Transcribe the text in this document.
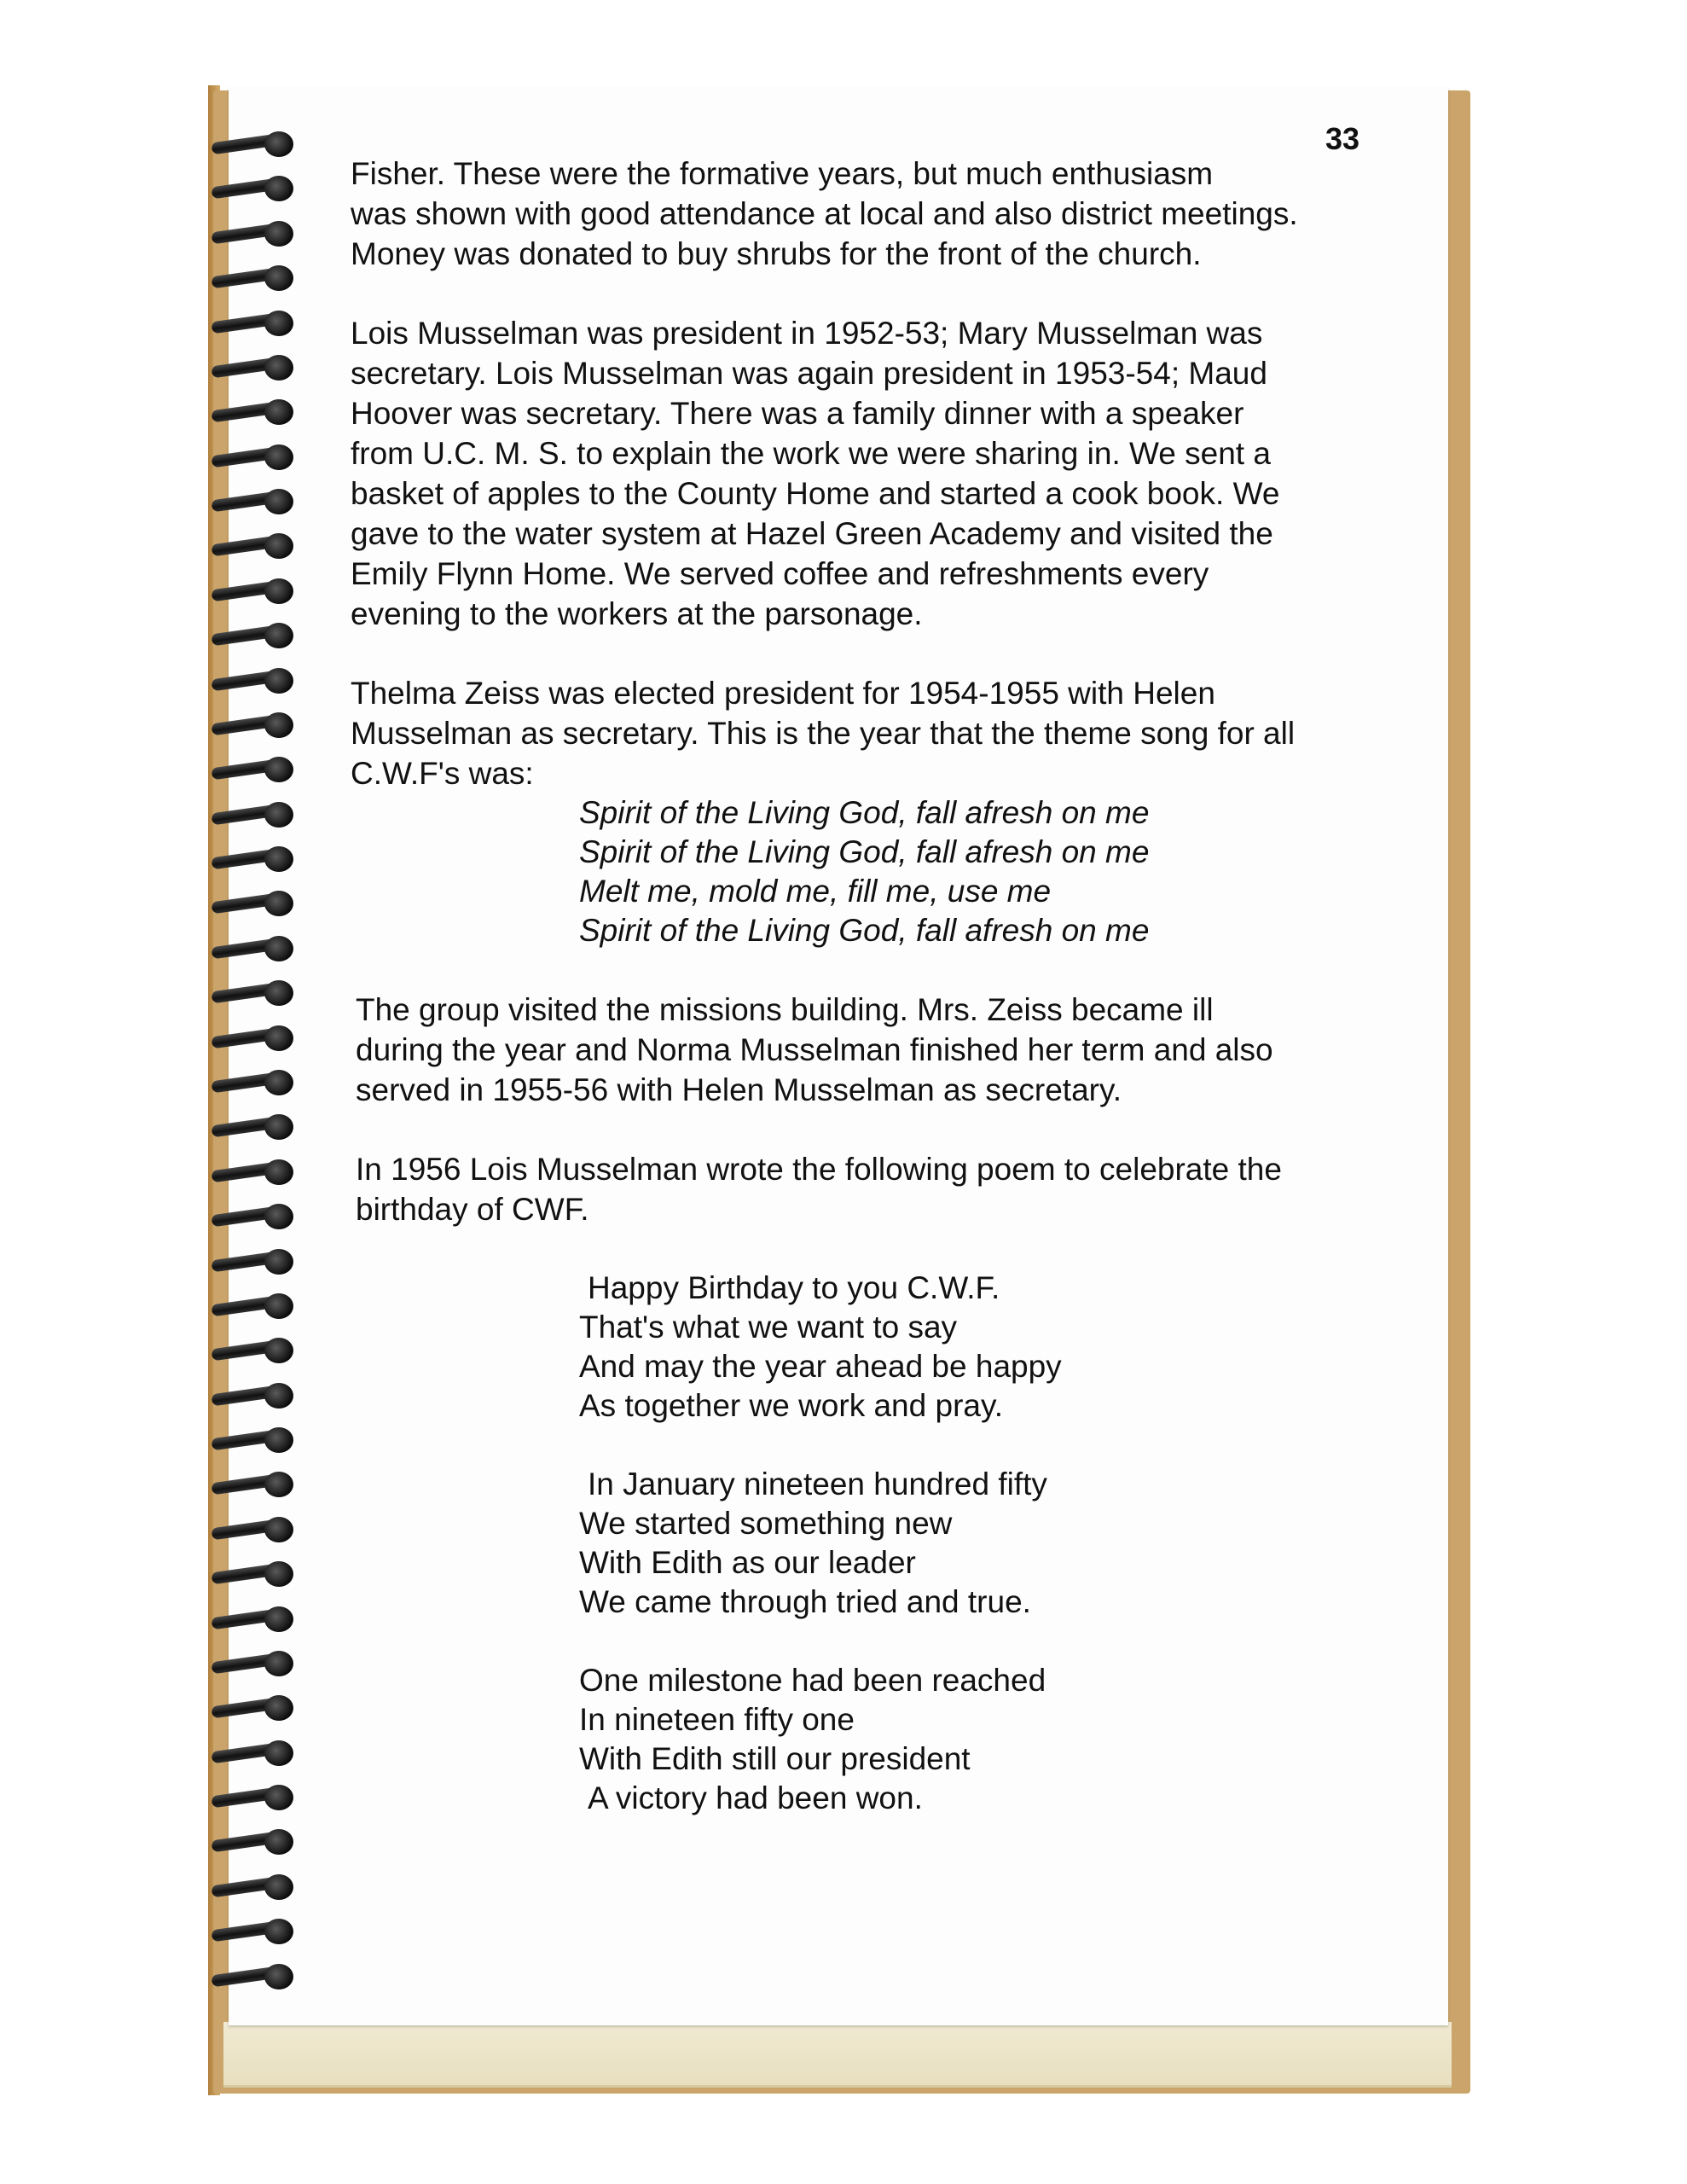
33
Fisher. These were the formative years, but much enthusiasm
was shown with good attendance at local and also district meetings.
Money was donated to buy shrubs for the front of the church.
Lois Musselman was president in 1952-53; Mary Musselman was
secretary. Lois Musselman was again president in 1953-54; Maud
Hoover was secretary. There was a family dinner with a speaker
from U.C. M. S. to explain the work we were sharing in. We sent a
basket of apples to the County Home and started a cook book. We
gave to the water system at Hazel Green Academy and visited the
Emily Flynn Home. We served coffee and refreshments every
evening to the workers at the parsonage.
Thelma Zeiss was elected president for 1954-1955 with Helen
Musselman as secretary. This is the year that the theme song for all
C.W.F's was:
Spirit of the Living God, fall afresh on me
Spirit of the Living God, fall afresh on me
Melt me, mold me, fill me, use me
Spirit of the Living God, fall afresh on me
The group visited the missions building. Mrs. Zeiss became ill
during the year and Norma Musselman finished her term and also
served in 1955-56 with Helen Musselman as secretary.
In 1956 Lois Musselman wrote the following poem to celebrate the
birthday of CWF.
Happy Birthday to you C.W.F.
That's what we want to say
And may the year ahead be happy
As together we work and pray.
In January nineteen hundred fifty
We started something new
With Edith as our leader
We came through tried and true.
One milestone had been reached
In nineteen fifty one
With Edith still our president
A victory had been won.
